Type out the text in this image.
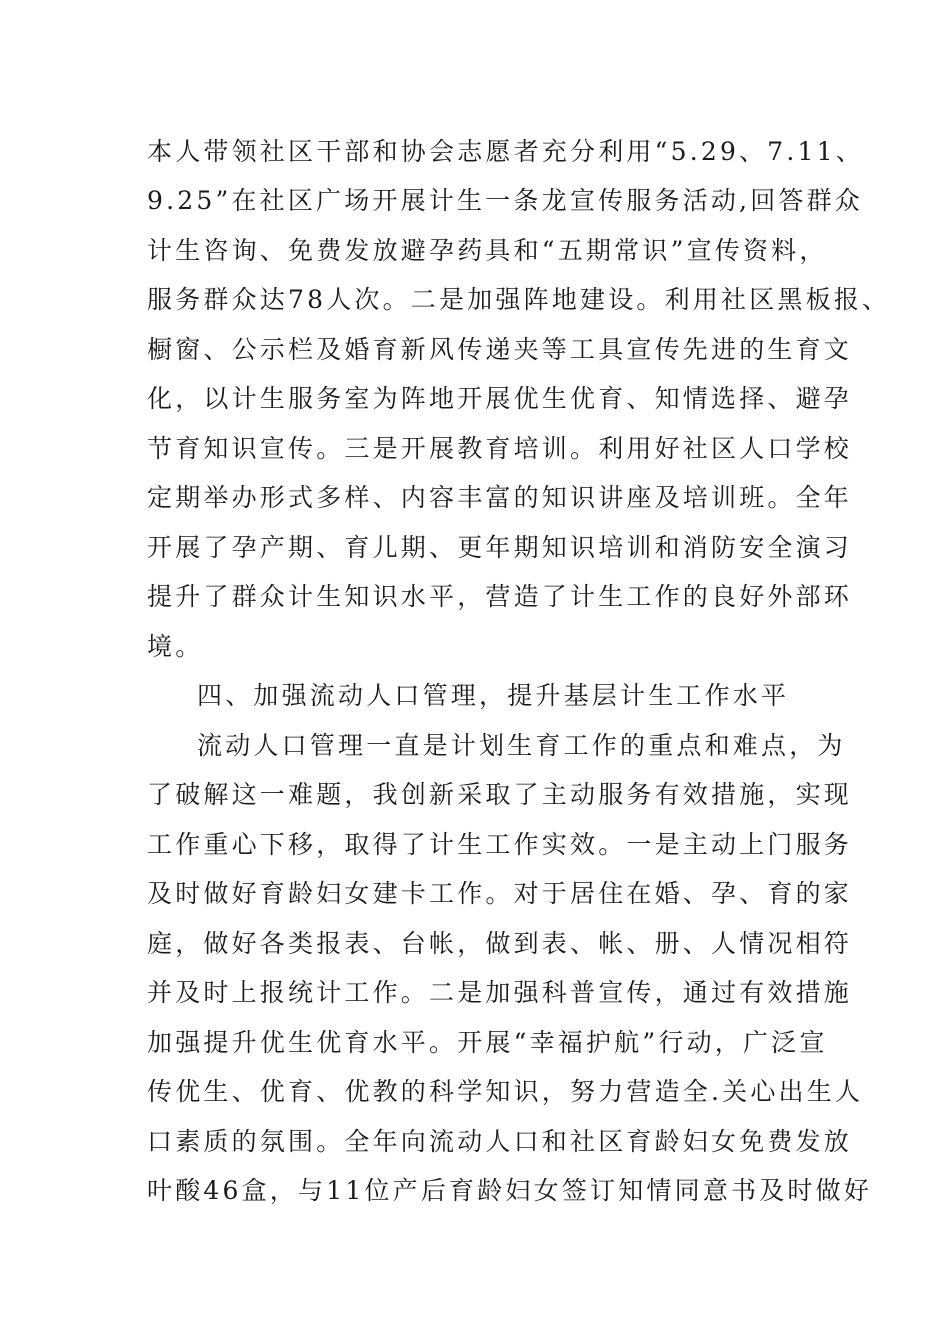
本人带领社区干部和协会志愿者充分利用“5.29、7.11、
9.25”在社区广场开展计生一条龙宣传服务活动,回答群众
计生咨询、免费发放避孕药具和“五期常识”宣传资料，
服务群众达78人次。二是加强阵地建设。利用社区黑板报、
橱窗、公示栏及婚育新风传递夹等工具宣传先进的生育文
化，以计生服务室为阵地开展优生优育、知情选择、避孕
节育知识宣传。三是开展教育培训。利用好社区人口学校
定期举办形式多样、内容丰富的知识讲座及培训班。全年
开展了孕产期、育儿期、更年期知识培训和消防安全演习
提升了群众计生知识水平，营造了计生工作的良好外部环
境。
四、加强流动人口管理，提升基层计生工作水平
流动人口管理一直是计划生育工作的重点和难点，为
了破解这一难题，我创新采取了主动服务有效措施，实现
工作重心下移，取得了计生工作实效。一是主动上门服务
及时做好育龄妇女建卡工作。对于居住在婚、孕、育的家
庭，做好各类报表、台帐，做到表、帐、册、人情况相符
并及时上报统计工作。二是加强科普宣传，通过有效措施
加强提升优生优育水平。开展“幸福护航”行动，广泛宣
传优生、优育、优教的科学知识，努力营造全.关心出生人
口素质的氛围。全年向流动人口和社区育龄妇女免费发放
叶酸46盒，与11位产后育龄妇女签订知情同意书及时做好
